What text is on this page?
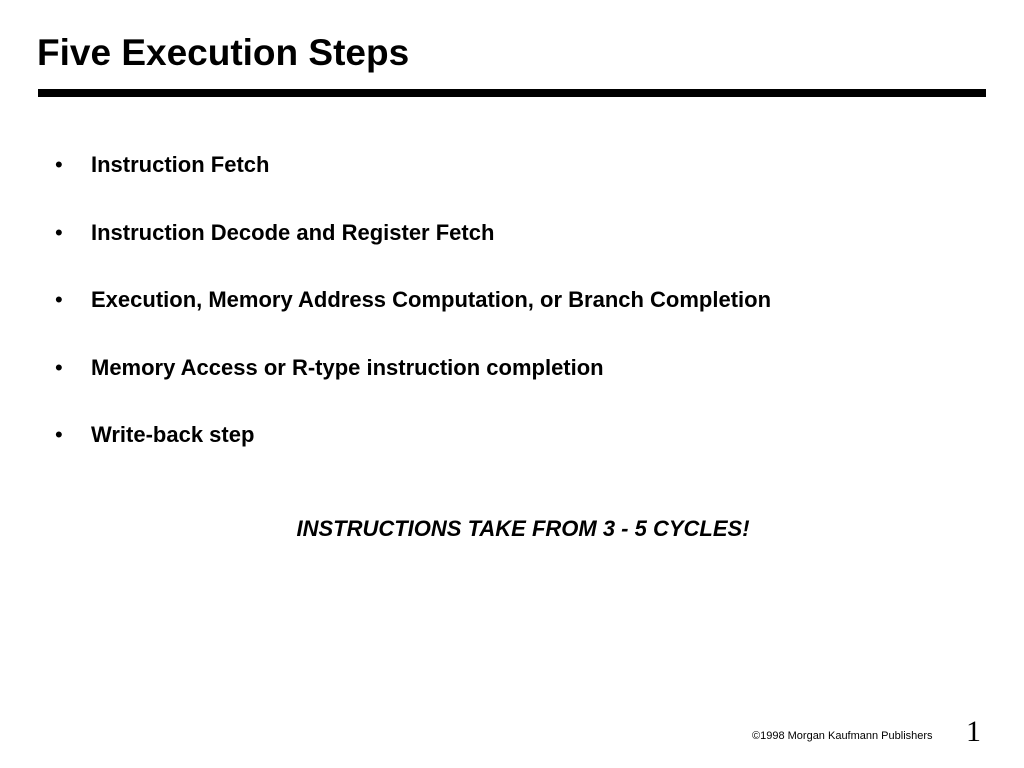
Five Execution Steps
• Instruction Fetch
• Instruction Decode and Register Fetch
• Execution, Memory Address Computation, or Branch Completion
• Memory Access or R-type instruction completion
• Write-back step
INSTRUCTIONS TAKE FROM 3 - 5 CYCLES!
©1998 Morgan Kaufmann Publishers 1
